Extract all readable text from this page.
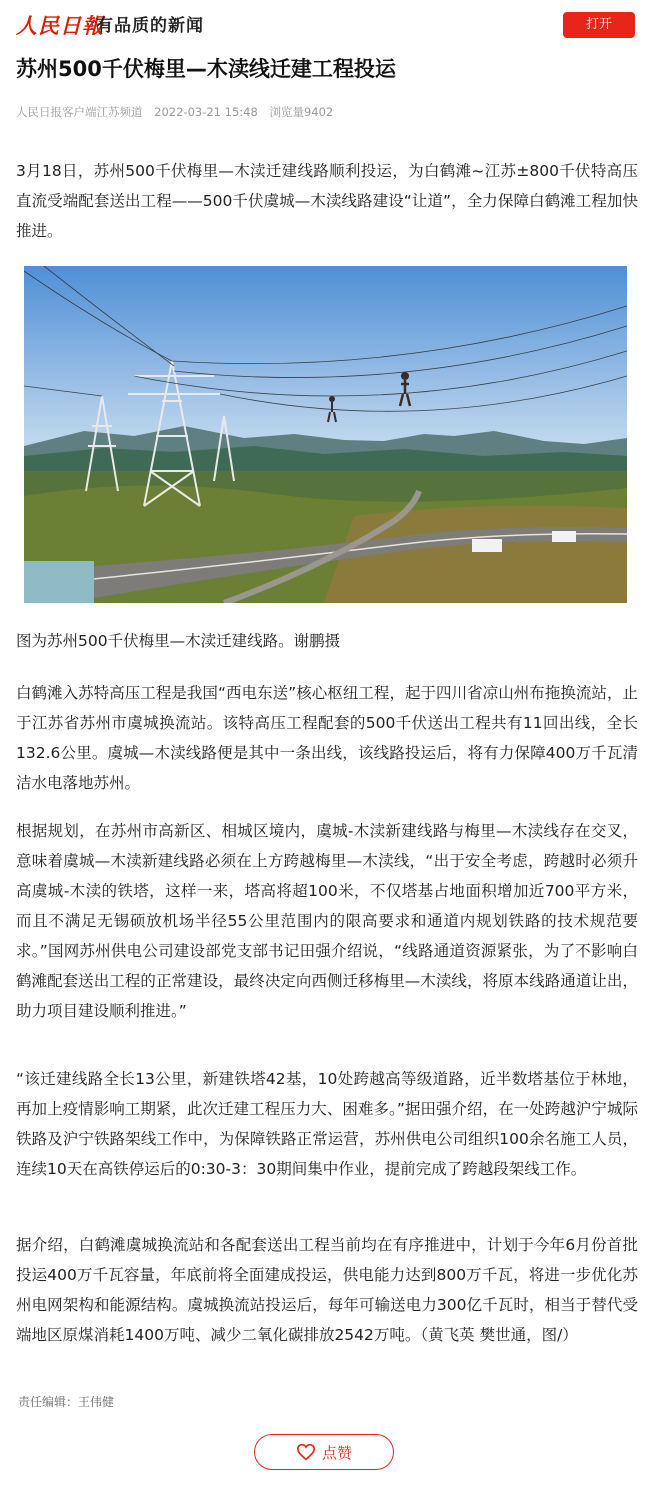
人民日報
有品质的新闻	打开
苏州500千伏梅里—木渎线迁建工程投运
人民日报客户端江苏频道 2022-03-21 15:48 浏览量9402

3月18日，苏州500千伏梅里—木渎迁建线路顺利投运，为白鹤滩~江苏±800千伏特高压直流受端配套送出工程——500千伏虞城—木渎线路建设“让道”，全力保障白鹤滩工程加快推进。

图为苏州500千伏梅里—木渎迁建线路。谢鹏摄

白鹤滩入苏特高压工程是我国“西电东送”核心枢纽工程，起于四川省凉山州布拖换流站，止于江苏省苏州市虞城换流站。该特高压工程配套的500千伏送出工程共有11回出线，全长132.6公里。虞城—木渎线路便是其中一条出线，该线路投运后，将有力保障400万千瓦清洁水电落地苏州。

根据规划，在苏州市高新区、相城区境内，虞城-木渎新建线路与梅里—木渎线存在交叉，意味着虞城—木渎新建线路必须在上方跨越梅里—木渎线，“出于安全考虑，跨越时必须升高虞城-木渎的铁塔，这样一来，塔高将超100米，不仅塔基占地面积增加近700平方米，而且不满足无锡硕放机场半径55公里范围内的限高要求和通道内规划铁路的技术规范要求。”国网苏州供电公司建设部党支部书记田强介绍说，“线路通道资源紧张，为了不影响白鹤滩配套送出工程的正常建设，最终决定向西侧迁移梅里—木渎线，将原本线路通道让出，助力项目建设顺利推进。”

“该迁建线路全长13公里，新建铁塔42基，10处跨越高等级道路，近半数塔基位于林地，再加上疫情影响工期紧，此次迁建工程压力大、困难多。”据田强介绍，在一处跨越沪宁城际铁路及沪宁铁路架线工作中，为保障铁路正常运营，苏州供电公司组织100余名施工人员，连续10天在高铁停运后的0:30-3：30期间集中作业，提前完成了跨越段架线工作。

据介绍，白鹤滩虞城换流站和各配套送出工程当前均在有序推进中，计划于今年6月份首批投运400万千瓦容量，年底前将全面建成投运，供电能力达到800万千瓦，将进一步优化苏州电网架构和能源结构。虞城换流站投运后，每年可输送电力300亿千瓦时，相当于替代受端地区原煤消耗1400万吨、减少二氧化碳排放2542万吨。（黄飞英 樊世通，图/）

责任编辑：王伟健
点赞
